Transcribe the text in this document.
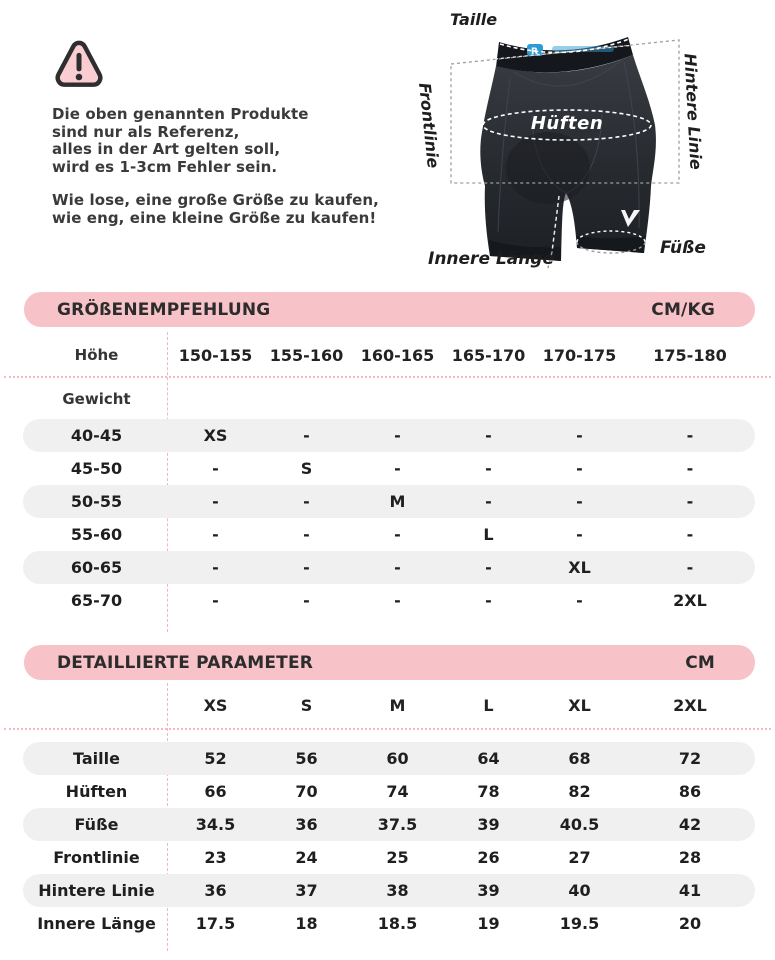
Die oben genannten Produkte
sind nur als Referenz,
alles in der Art gelten soll,
wird es 1-3cm Fehler sein.
Wie lose, eine große Größe zu kaufen,
wie eng, eine kleine Größe zu kaufen!
R
Taille
Frontlinie	Hüften	Hintere Linie
Innere Länge
Füße
GRÖßENEMPFEHLUNG	CM/KG
Höhe	150-155	155-160	160-165	165-170	170-175	175-180
Gewicht
40-45	XS	-	-	-	-	-
45-50	-	S	-	-	-	-
50-55	-	-	M	-	-	-
55-60	-	-	-	L	-	-
60-65	-	-	-	-	XL	-
65-70	-	-	-	-	-	2XL
DETAILLIERTE PARAMETER	CM
XS	S	M	L	XL	2XL
Taille	52	56	60	64	68	72
Hüften	66	70	74	78	82	86
Füße	34.5	36	37.5	39	40.5	42
Frontlinie	23	24	25	26	27	28
Hintere Linie	36	37	38	39	40	41
Innere Länge	17.5	18	18.5	19	19.5	20
